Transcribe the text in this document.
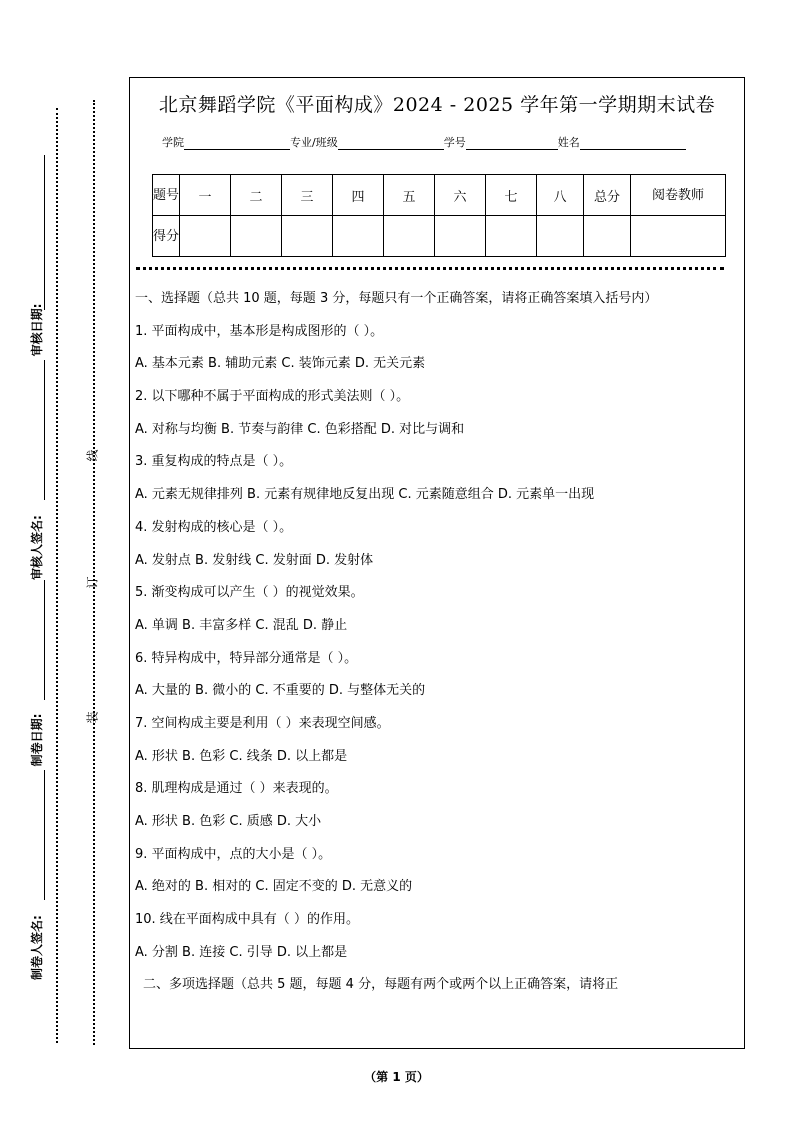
审核日期:
审核人签名:
制卷日期:
制卷人签名:
线
订
装
北京舞蹈学院《平面构成》2024 - 2025 学年第一学期期末试卷
学院	专业/班级	学号	姓名
题号	一	二	三	四	五	六	七	八	总分	阅卷教师
得分										

一、选择题（总共 10 题，每题 3 分，每题只有一个正确答案，请将正确答案填入括号内）

1. 平面构成中，基本形是构成图形的（ ）。

A. 基本元素 B. 辅助元素 C. 装饰元素 D. 无关元素

2. 以下哪种不属于平面构成的形式美法则（ ）。

A. 对称与均衡 B. 节奏与韵律 C. 色彩搭配 D. 对比与调和

3. 重复构成的特点是（ ）。

A. 元素无规律排列 B. 元素有规律地反复出现 C. 元素随意组合 D. 元素单一出现

4. 发射构成的核心是（ ）。

A. 发射点 B. 发射线 C. 发射面 D. 发射体

5. 渐变构成可以产生（ ）的视觉效果。

A. 单调 B. 丰富多样 C. 混乱 D. 静止

6. 特异构成中，特异部分通常是（ ）。

A. 大量的 B. 微小的 C. 不重要的 D. 与整体无关的

7. 空间构成主要是利用（ ）来表现空间感。

A. 形状 B. 色彩 C. 线条 D. 以上都是

8. 肌理构成是通过（ ）来表现的。

A. 形状 B. 色彩 C. 质感 D. 大小

9. 平面构成中，点的大小是（ ）。

A. 绝对的 B. 相对的 C. 固定不变的 D. 无意义的

10. 线在平面构成中具有（ ）的作用。

A. 分割 B. 连接 C. 引导 D. 以上都是

二、多项选择题（总共 5 题，每题 4 分，每题有两个或两个以上正确答案，请将正

（第 1 页）
